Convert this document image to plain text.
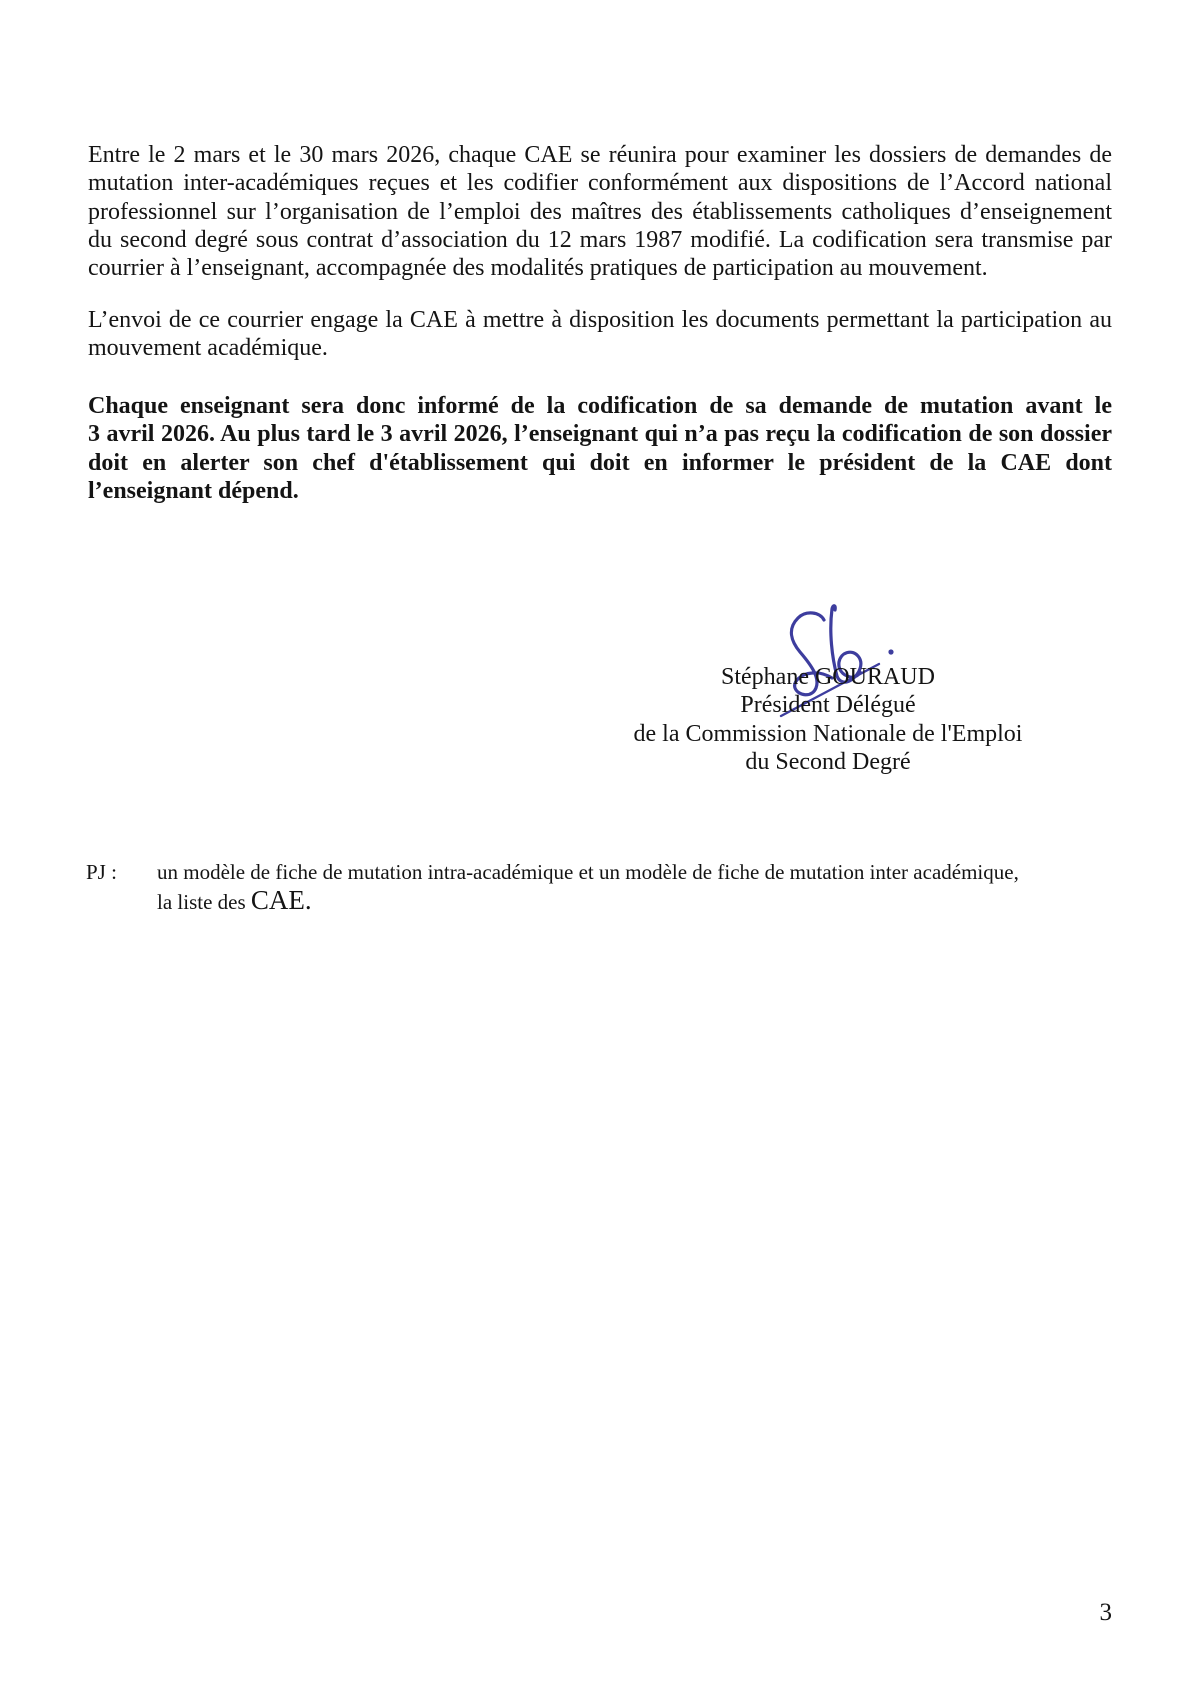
Entre le 2 mars et le 30 mars 2026, chaque CAE se réunira pour examiner les dossiers de demandes de
mutation inter-académiques reçues et les codifier conformément aux dispositions de l’Accord national
professionnel sur l’organisation de l’emploi des maîtres des établissements catholiques d’enseignement
du second degré sous contrat d’association du 12 mars 1987 modifié. La codification sera transmise par
courrier à l’enseignant, accompagnée des modalités pratiques de participation au mouvement.
L’envoi de ce courrier engage la CAE à mettre à disposition les documents permettant la participation au
mouvement académique.
Chaque enseignant sera donc informé de la codification de sa demande de mutation avant le
3 avril 2026. Au plus tard le 3 avril 2026, l’enseignant qui n’a pas reçu la codification de son dossier
doit en alerter son chef d'établissement qui doit en informer le président de la CAE dont
l’enseignant dépend.
Stéphane GOURAUD
Président Délégué
de la Commission Nationale de l'Emploi
du Second Degré
PJ : un modèle de fiche de mutation intra-académique et un modèle de fiche de mutation inter académique,
la liste des CAE.
3
